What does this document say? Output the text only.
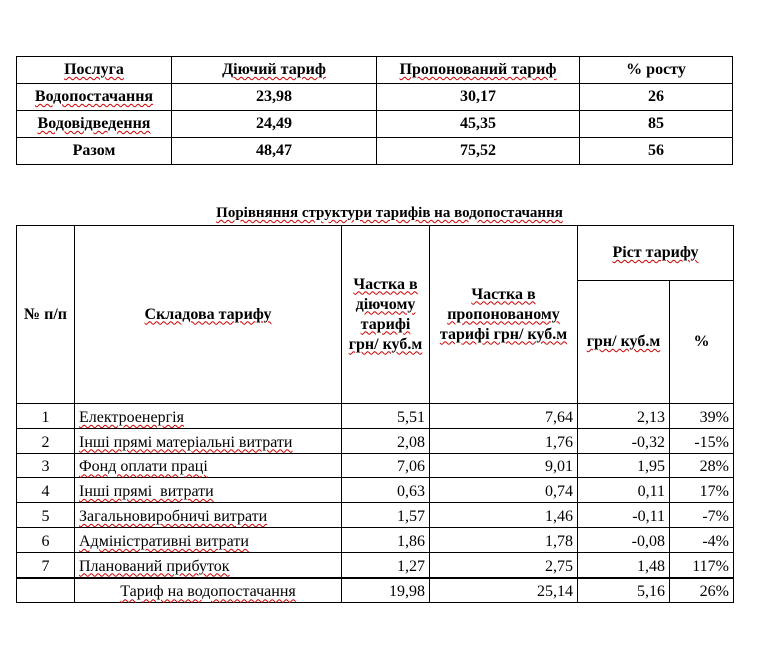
Послуга	Діючий тариф	Пропонований тариф	% росту
Водопостачання	23,98	30,17	26
Водовідведення	24,49	45,35	85
Разом	48,47	75,52	56
Порівняння структури тарифів на водопостачання
№ п/п	Складова тарифу	Частка в діючому тарифі грн/ куб.м	Частка в пропонованому тарифі грн/ куб.м	Ріст тарифу	
				грн/ куб.м	%
1	Електроенергія	5,51	7,64	2,13	39%
2	Інші прямі матеріальні витрати	2,08	1,76	-0,32	-15%
3	Фонд оплати праці	7,06	9,01	1,95	28%
4	Інші прямі  витрати	0,63	0,74	0,11	17%
5	Загальновиробничі витрати	1,57	1,46	-0,11	-7%
6	Адміністративні витрати	1,86	1,78	-0,08	-4%
7	Планований прибуток	1,27	2,75	1,48	117%
	Тариф на водопостачання	19,98	25,14	5,16	26%
